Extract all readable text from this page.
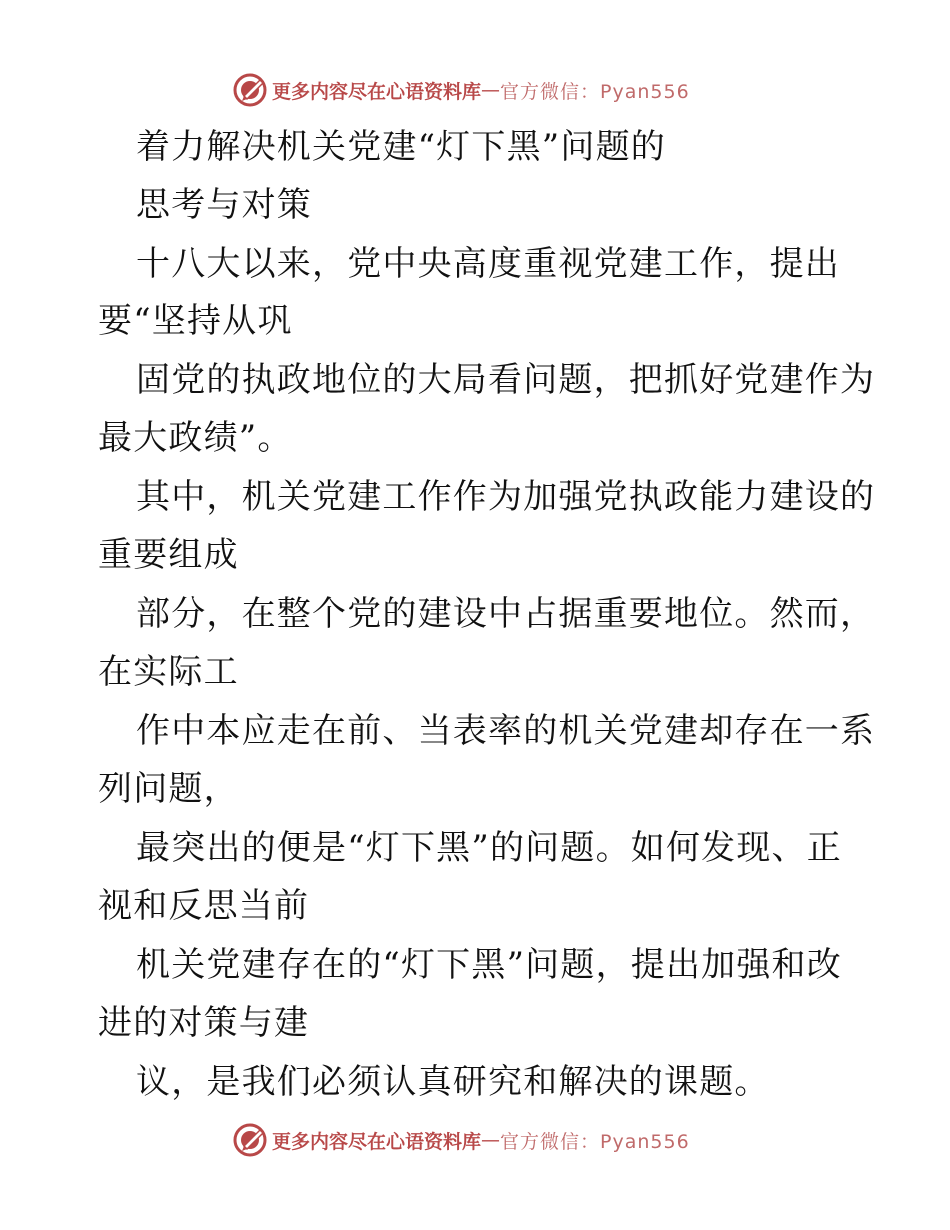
更多内容尽在心语资料库 — 官方微信：Pyan556
着力解决机关党建“灯下黑”问题的
思考与对策
十八大以来，党中央高度重视党建工作，提出
要“坚持从巩
固党的执政地位的大局看问题，把抓好党建作为
最大政绩”。
其中，机关党建工作作为加强党执政能力建设的
重要组成
部分，在整个党的建设中占据重要地位。然而，
在实际工
作中本应走在前、当表率的机关党建却存在一系
列问题，
最突出的便是“灯下黑”的问题。如何发现、正
视和反思当前
机关党建存在的“灯下黑”问题，提出加强和改
进的对策与建
议，是我们必须认真研究和解决的课题。
更多内容尽在心语资料库 — 官方微信：Pyan556
